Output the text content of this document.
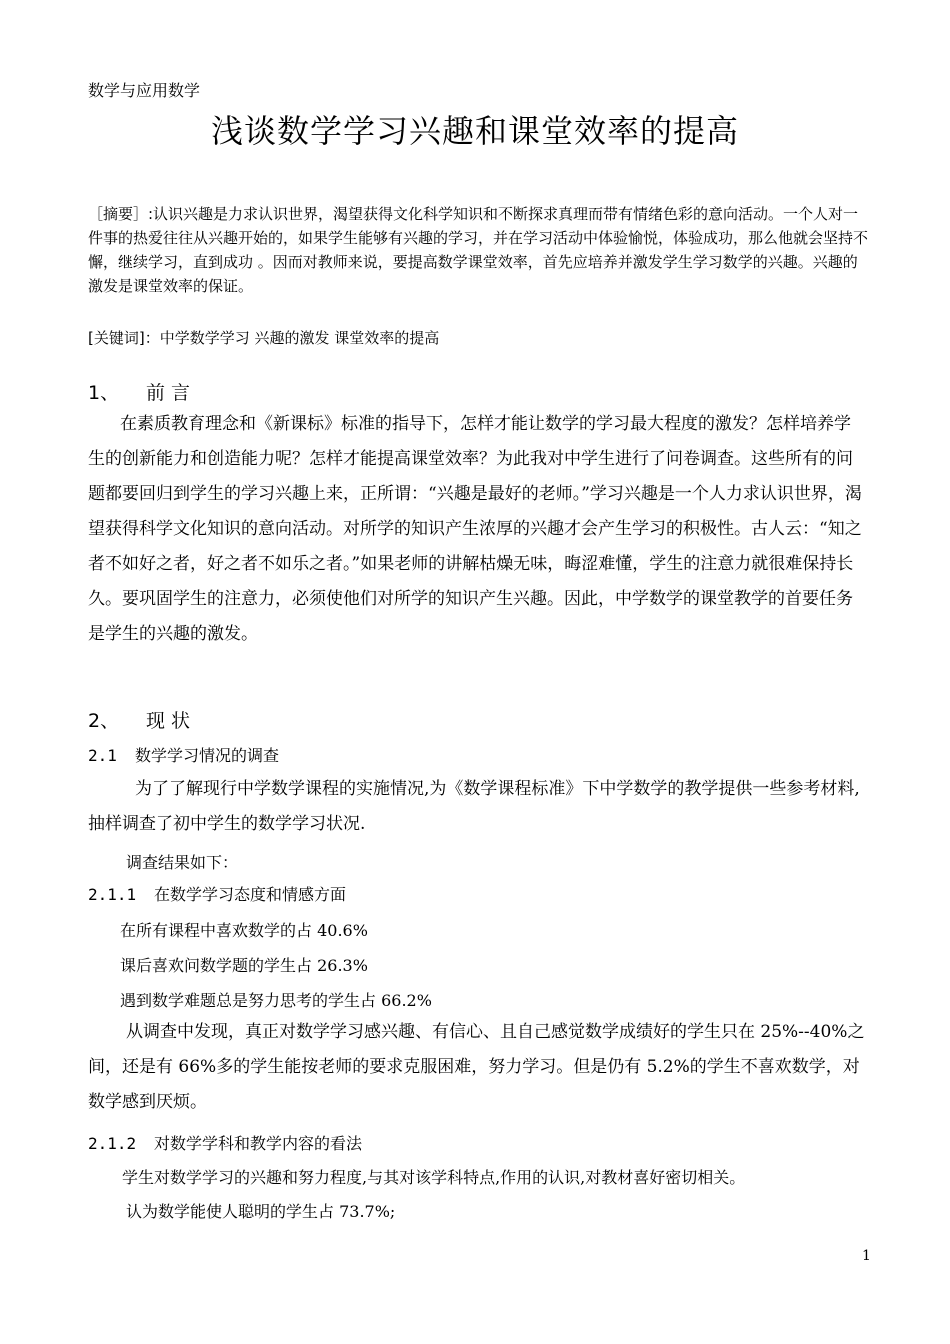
数学与应用数学
浅谈数学学习兴趣和课堂效率的提高
［摘要］:认识兴趣是力求认识世界，渴望获得文化科学知识和不断探求真理而带有情绪色彩的意向活动。一个人对一件事的热爱往往从兴趣开始的，如果学生能够有兴趣的学习，并在学习活动中体验愉悦，体验成功，那么他就会坚持不懈，继续学习，直到成功 。因而对教师来说，要提高数学课堂效率，首先应培养并激发学生学习数学的兴趣。兴趣的激发是课堂效率的保证。
[关键词]：中学数学学习 兴趣的激发 课堂效率的提高
1、 前言
在素质教育理念和《新课标》标准的指导下，怎样才能让数学的学习最大程度的激发？怎样培养学生的创新能力和创造能力呢？怎样才能提高课堂效率？为此我对中学生进行了问卷调查。这些所有的问题都要回归到学生的学习兴趣上来，正所谓：“兴趣是最好的老师。”学习兴趣是一个人力求认识世界，渴望获得科学文化知识的意向活动。对所学的知识产生浓厚的兴趣才会产生学习的积极性。古人云：“知之者不如好之者，好之者不如乐之者。”如果老师的讲解枯燥无味，晦涩难懂，学生的注意力就很难保持长久。要巩固学生的注意力，必须使他们对所学的知识产生兴趣。因此，中学数学的课堂教学的首要任务是学生的兴趣的激发。
2、 现状
2.1 数学学习情况的调查
为了了解现行中学数学课程的实施情况,为《数学课程标准》下中学数学的教学提供一些参考材料,抽样调查了初中学生的数学学习状况.
调查结果如下：
2.1.1 在数学学习态度和情感方面
在所有课程中喜欢数学的占 40.6%
课后喜欢问数学题的学生占 26.3%
遇到数学难题总是努力思考的学生占 66.2%
从调查中发现，真正对数学学习感兴趣、有信心、且自己感觉数学成绩好的学生只在 25%--40%之间，还是有 66%多的学生能按老师的要求克服困难，努力学习。但是仍有 5.2%的学生不喜欢数学，对数学感到厌烦。
2.1.2 对数学学科和教学内容的看法
学生对数学学习的兴趣和努力程度,与其对该学科特点,作用的认识,对教材喜好密切相关。
认为数学能使人聪明的学生占 73.7%;
1
